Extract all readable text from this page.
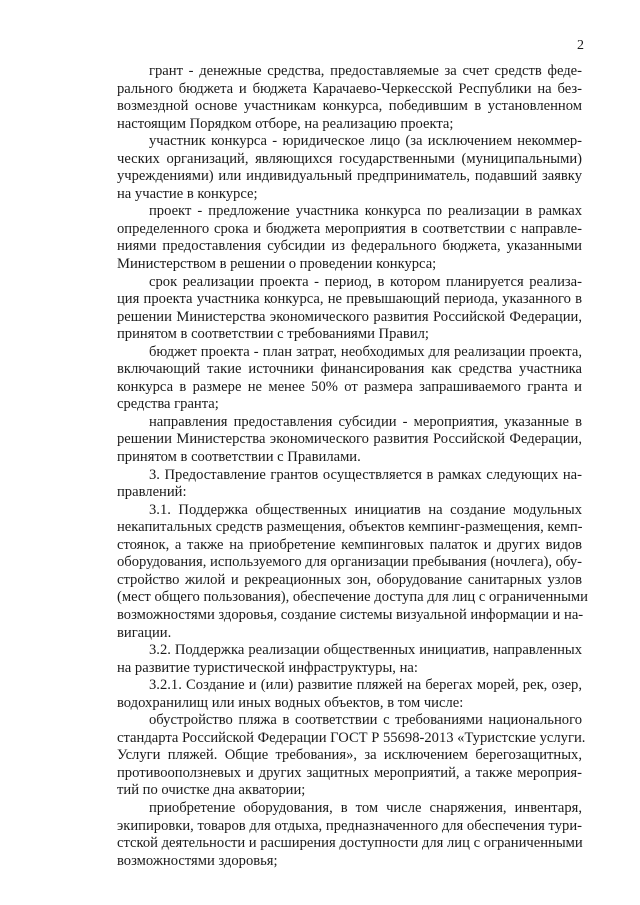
2
грант - денежные средства, предоставляемые за счет средств феде-
рального бюджета и бюджета Карачаево-Черкесской Республики на без-
возмездной основе участникам конкурса, победившим в установленном
настоящим Порядком отборе, на реализацию проекта;
участник конкурса - юридическое лицо (за исключением некоммер-
ческих организаций, являющихся государственными (муниципальными)
учреждениями) или индивидуальный предприниматель, подавший заявку
на участие в конкурсе;
проект - предложение участника конкурса по реализации в рамках
определенного срока и бюджета мероприятия в соответствии с направле-
ниями предоставления субсидии из федерального бюджета, указанными
Министерством в решении о проведении конкурса;
срок реализации проекта - период, в котором планируется реализа-
ция проекта участника конкурса, не превышающий периода, указанного в
решении Министерства экономического развития Российской Федерации,
принятом в соответствии с требованиями Правил;
бюджет проекта - план затрат, необходимых для реализации проекта,
включающий такие источники финансирования как средства участника
конкурса в размере не менее 50% от размера запрашиваемого гранта и
средства гранта;
направления предоставления субсидии - мероприятия, указанные в
решении Министерства экономического развития Российской Федерации,
принятом в соответствии с Правилами.
3. Предоставление грантов осуществляется в рамках следующих на-
правлений:
3.1. Поддержка общественных инициатив на создание модульных
некапитальных средств размещения, объектов кемпинг-размещения, кемп-
стоянок, а также на приобретение кемпинговых палаток и других видов
оборудования, используемого для организации пребывания (ночлега), обу-
стройство жилой и рекреационных зон, оборудование санитарных узлов
(мест общего пользования), обеспечение доступа для лиц с ограниченными
возможностями здоровья, создание системы визуальной информации и на-
вигации.
3.2. Поддержка реализации общественных инициатив, направленных
на развитие туристической инфраструктуры, на:
3.2.1. Создание и (или) развитие пляжей на берегах морей, рек, озер,
водохранилищ или иных водных объектов, в том числе:
обустройство пляжа в соответствии с требованиями национального
стандарта Российской Федерации ГОСТ Р 55698-2013 «Туристские услуги.
Услуги пляжей. Общие требования», за исключением берегозащитных,
противооползневых и других защитных мероприятий, а также мероприя-
тий по очистке дна акватории;
приобретение оборудования, в том числе снаряжения, инвентаря,
экипировки, товаров для отдыха, предназначенного для обеспечения тури-
стской деятельности и расширения доступности для лиц с ограниченными
возможностями здоровья;
